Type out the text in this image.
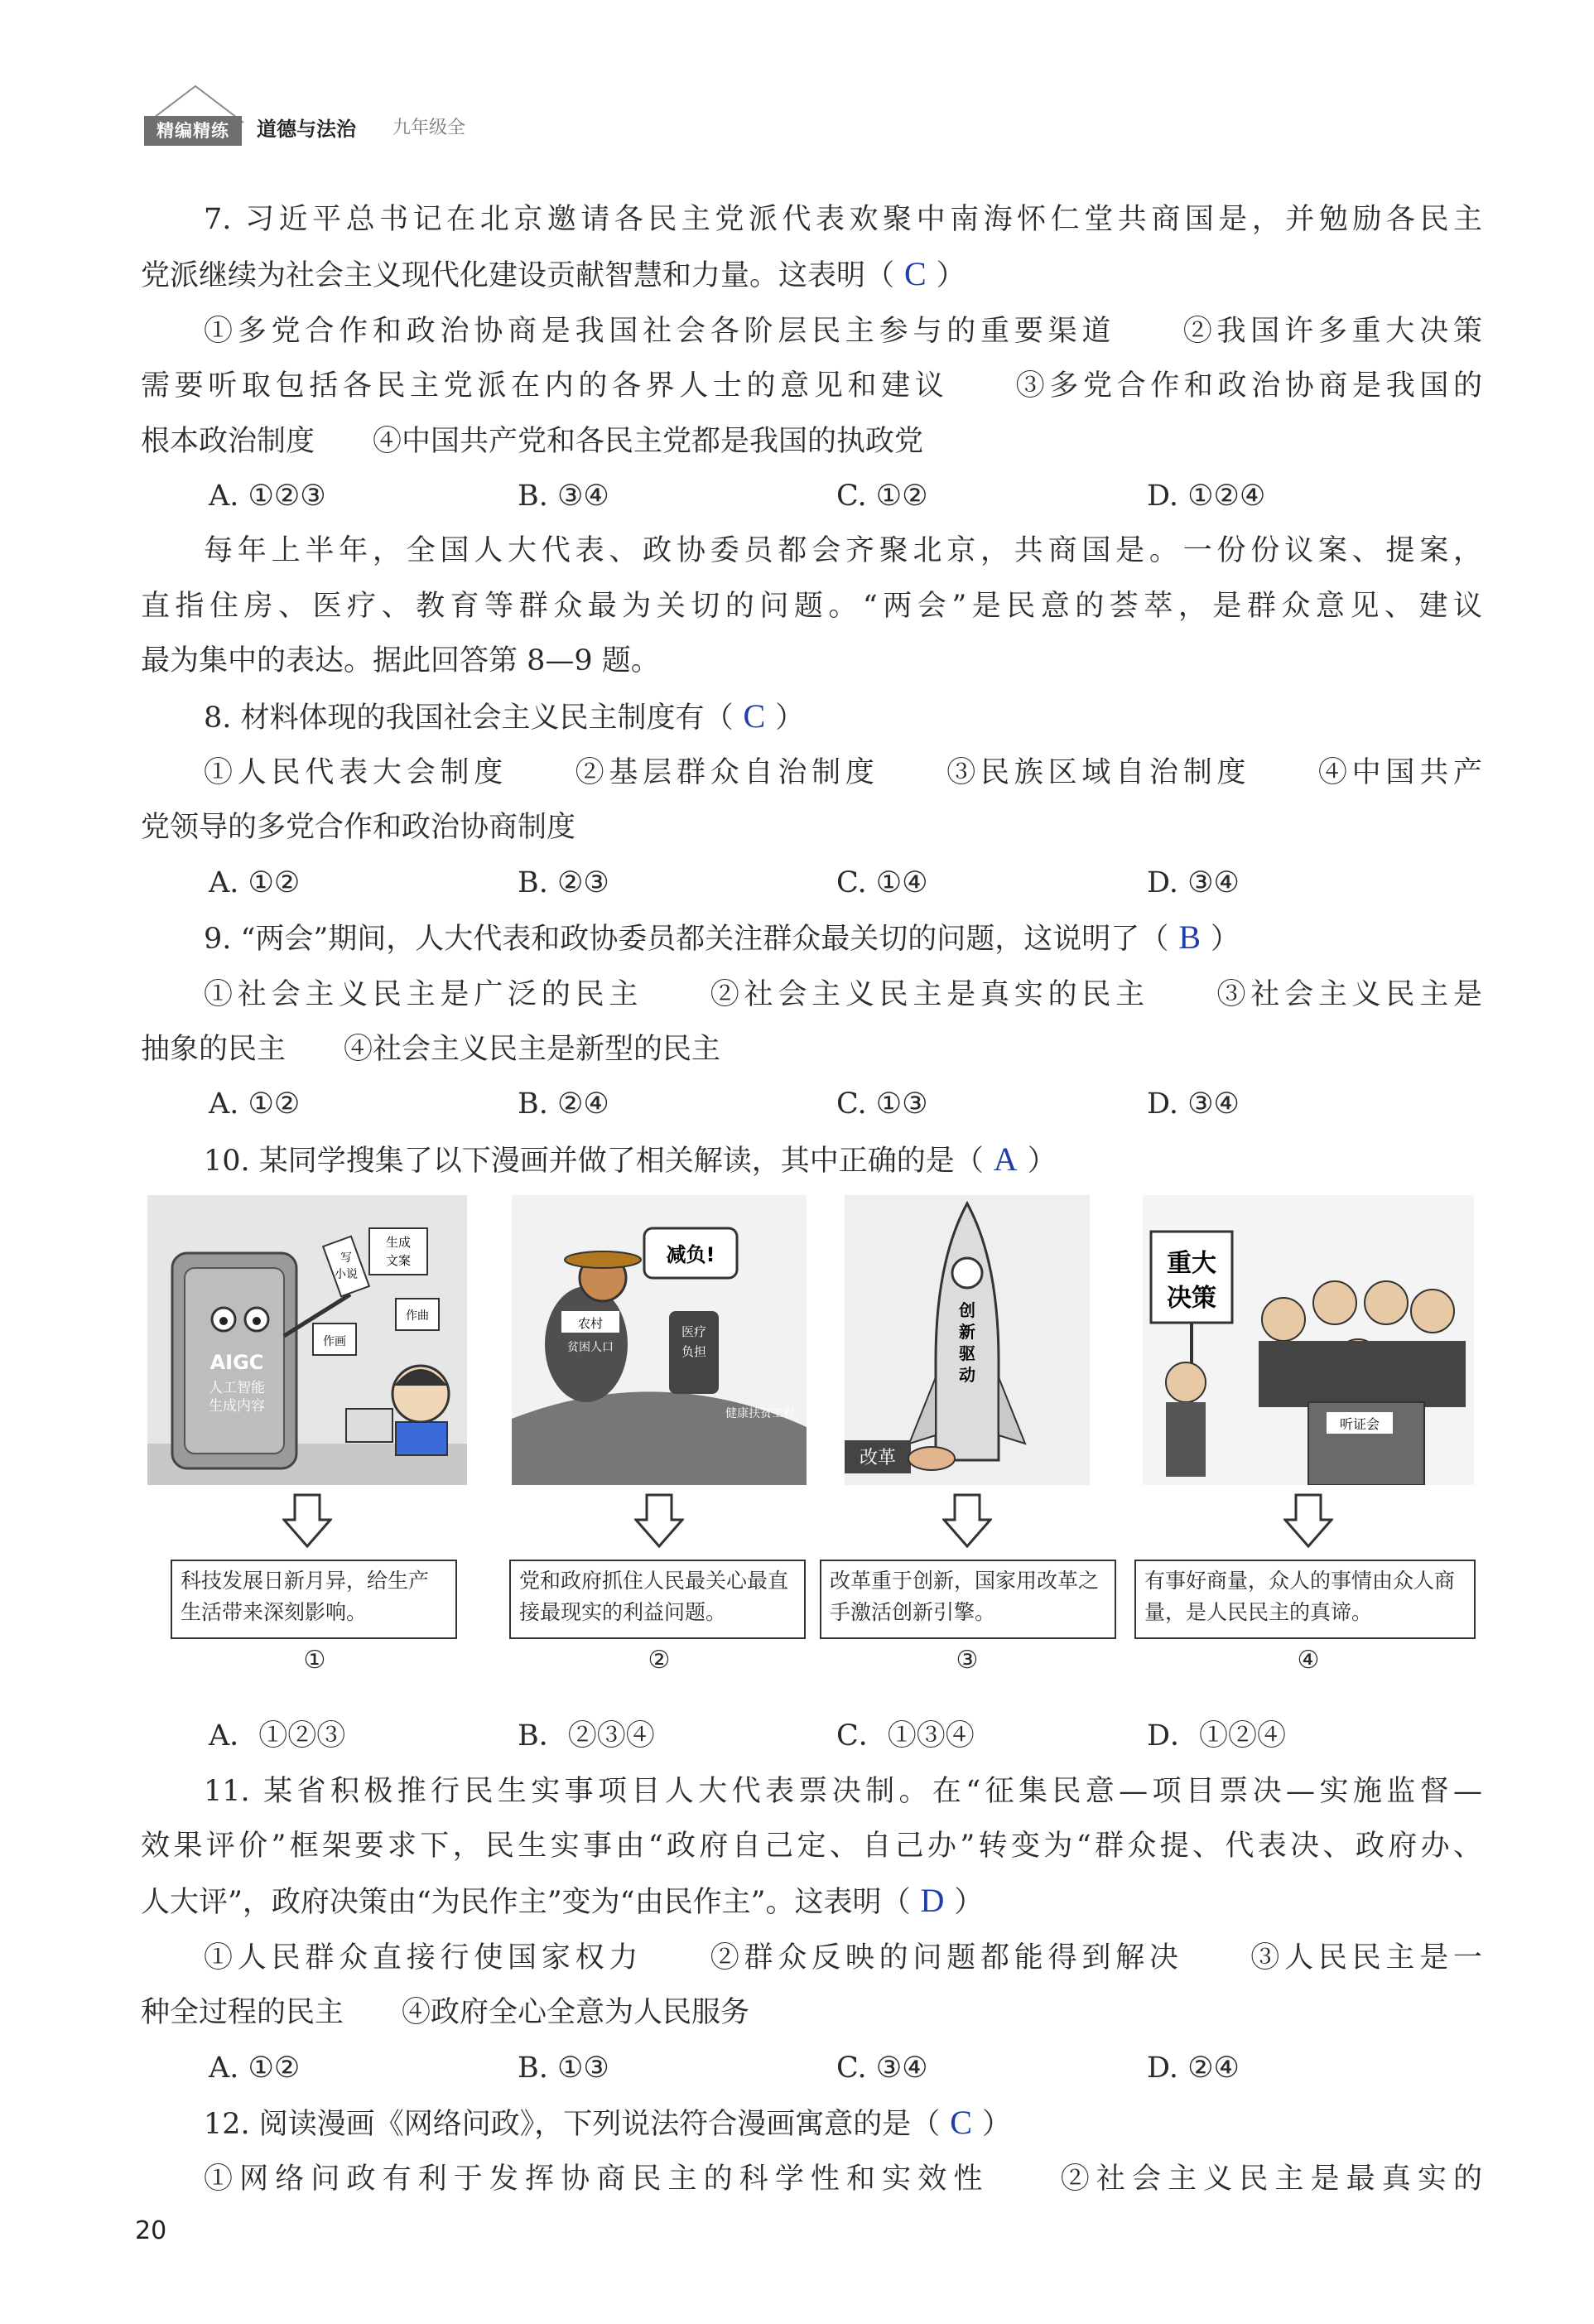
精编精练	道德与法治 九年级全
7. 习近平总书记在北京邀请各民主党派代表欢聚中南海怀仁堂共商国是，并勉励各民主
党派继续为社会主义现代化建设贡献智慧和力量。这表明（ C ）
①多党合作和政治协商是我国社会各阶层民主参与的重要渠道　　②我国许多重大决策
需要听取包括各民主党派在内的各界人士的意见和建议　　③多党合作和政治协商是我国的
根本政治制度　　④中国共产党和各民主党都是我国的执政党
A. ①②③	B. ③④	C. ①②	D. ①②④
每年上半年，全国人大代表、政协委员都会齐聚北京，共商国是。一份份议案、提案，
直指住房、医疗、教育等群众最为关切的问题。“两会”是民意的荟萃，是群众意见、建议
最为集中的表达。据此回答第 8—9 题。
8. 材料体现的我国社会主义民主制度有（ C ）
①人民代表大会制度　　②基层群众自治制度　　③民族区域自治制度　　④中国共产
党领导的多党合作和政治协商制度
A. ①②	B. ②③	C. ①④	D. ③④
9. “两会”期间，人大代表和政协委员都关注群众最关切的问题，这说明了（ B ）
①社会主义民主是广泛的民主　　②社会主义民主是真实的民主　　③社会主义民主是
抽象的民主　　④社会主义民主是新型的民主
A. ①②	B. ②④	C. ①③	D. ③④
10. 某同学搜集了以下漫画并做了相关解读，其中正确的是（ A ）
AIGC
人工智能
生成内容
生成
文案
写
小说
作画
作曲
减负!
农村
贫困人口
医疗
负担
健康扶贫工程
创
新
驱
动
改革
重大
决策
听证会
科技发展日新月异，给生产生活带来深刻影响。
党和政府抓住人民最关心最直接最现实的利益问题。
改革重于创新，国家用改革之手激活创新引擎。
有事好商量，众人的事情由众人商量，是人民民主的真谛。
①	②	③	④
A．①②③	B．②③④	C．①③④	D．①②④
11. 某省积极推行民生实事项目人大代表票决制。在“征集民意—项目票决—实施监督—
效果评价”框架要求下，民生实事由“政府自己定、自己办”转变为“群众提、代表决、政府办、
人大评”，政府决策由“为民作主”变为“由民作主”。这表明（ D ）
①人民群众直接行使国家权力　　②群众反映的问题都能得到解决　　③人民民主是一
种全过程的民主　　④政府全心全意为人民服务
A. ①②	B. ①③	C. ③④	D. ②④
12. 阅读漫画《网络问政》，下列说法符合漫画寓意的是（ C ）
①网络问政有利于发挥协商民主的科学性和实效性　　②社会主义民主是最真实的
20
